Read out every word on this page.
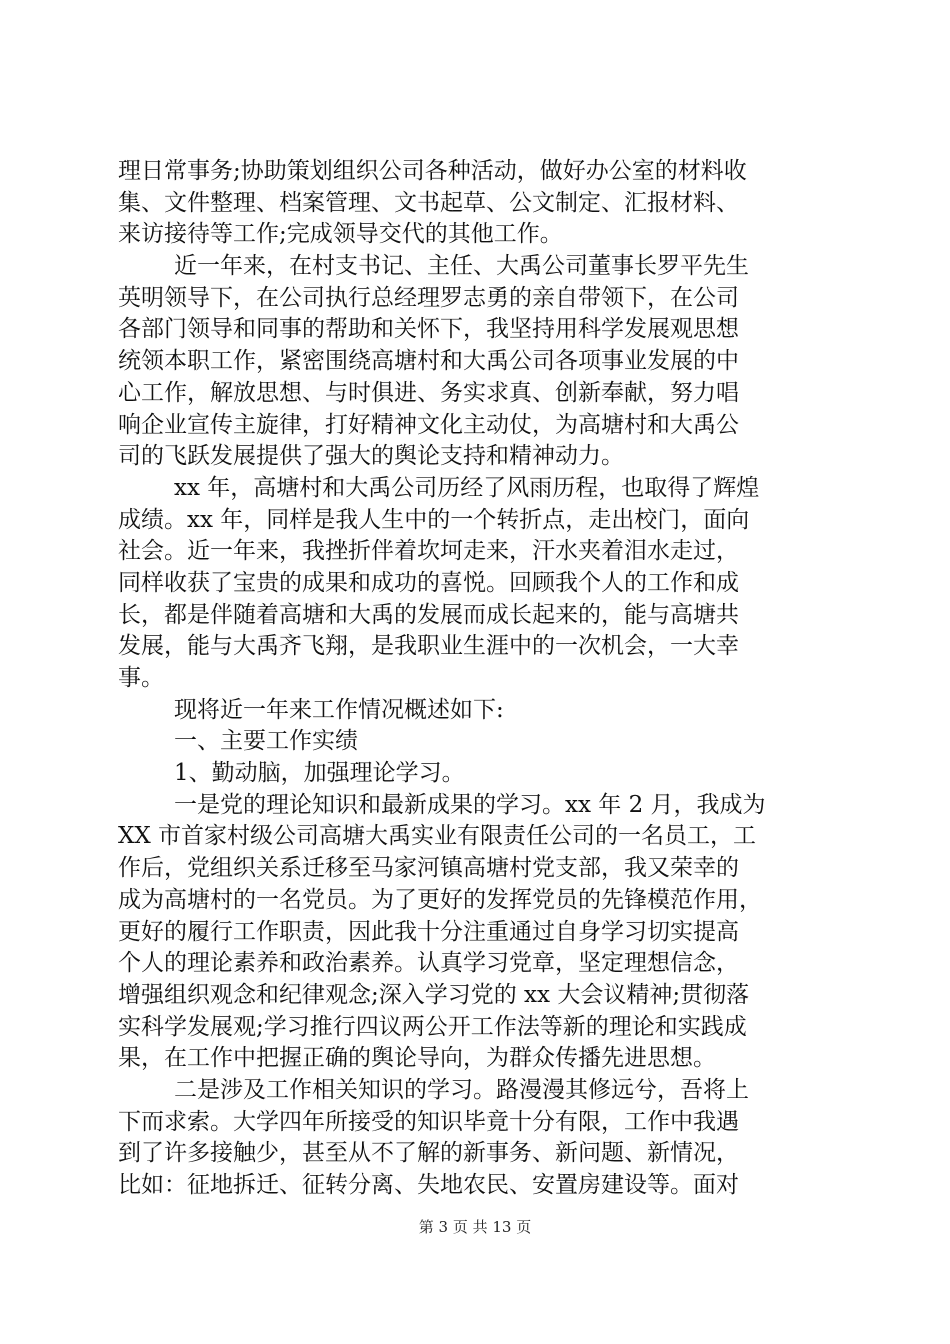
理日常事务;协助策划组织公司各种活动，做好办公室的材料收
集、文件整理、档案管理、文书起草、公文制定、汇报材料、
来访接待等工作;完成领导交代的其他工作。
近一年来，在村支书记、主任、大禹公司董事长罗平先生
英明领导下，在公司执行总经理罗志勇的亲自带领下，在公司
各部门领导和同事的帮助和关怀下，我坚持用科学发展观思想
统领本职工作，紧密围绕高塘村和大禹公司各项事业发展的中
心工作，解放思想、与时俱进、务实求真、创新奉献，努力唱
响企业宣传主旋律，打好精神文化主动仗，为高塘村和大禹公
司的飞跃发展提供了强大的舆论支持和精神动力。
xx 年，高塘村和大禹公司历经了风雨历程，也取得了辉煌
成绩。xx 年，同样是我人生中的一个转折点，走出校门，面向
社会。近一年来，我挫折伴着坎坷走来，汗水夹着泪水走过，
同样收获了宝贵的成果和成功的喜悦。回顾我个人的工作和成
长，都是伴随着高塘和大禹的发展而成长起来的，能与高塘共
发展，能与大禹齐飞翔，是我职业生涯中的一次机会，一大幸
事。
现将近一年来工作情况概述如下:
一、主要工作实绩
1、勤动脑，加强理论学习。
一是党的理论知识和最新成果的学习。xx 年 2 月，我成为
XX 市首家村级公司高塘大禹实业有限责任公司的一名员工，工
作后，党组织关系迁移至马家河镇高塘村党支部，我又荣幸的
成为高塘村的一名党员。为了更好的发挥党员的先锋模范作用，
更好的履行工作职责，因此我十分注重通过自身学习切实提高
个人的理论素养和政治素养。认真学习党章，坚定理想信念，
增强组织观念和纪律观念;深入学习党的 xx 大会议精神;贯彻落
实科学发展观;学习推行四议两公开工作法等新的理论和实践成
果，在工作中把握正确的舆论导向，为群众传播先进思想。
二是涉及工作相关知识的学习。路漫漫其修远兮，吾将上
下而求索。大学四年所接受的知识毕竟十分有限，工作中我遇
到了许多接触少，甚至从不了解的新事务、新问题、新情况，
比如：征地拆迁、征转分离、失地农民、安置房建设等。面对
第 3 页 共 13 页
